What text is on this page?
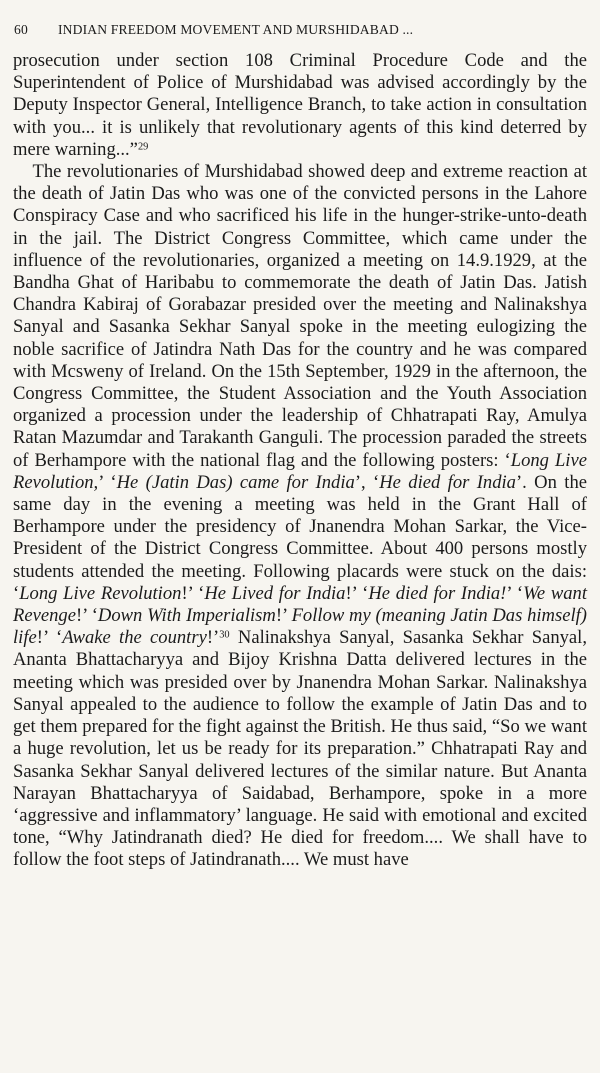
60	INDIAN FREEDOM MOVEMENT AND MURSHIDABAD ...

prosecution under section 108 Criminal Procedure Code and the Superintendent of Police of Murshidabad was advised accordingly by the Deputy Inspector General, Intelligence Branch, to take action in consultation with you... it is unlikely that revolutionary agents of this kind deterred by mere warning...”$^{29}$

The revolutionaries of Murshidabad showed deep and extreme reaction at the death of Jatin Das who was one of the convicted persons in the Lahore Conspiracy Case and who sacrificed his life in the hunger-strike-unto-death in the jail. The District Congress Committee, which came under the influence of the revolutionaries, organized a meeting on 14.9.1929, at the Bandha Ghat of Haribabu to commemorate the death of Jatin Das. Jatish Chandra Kabiraj of Gorabazar presided over the meeting and Nalinakshya Sanyal and Sasanka Sekhar Sanyal spoke in the meeting eulogizing the noble sacrifice of Jatindra Nath Das for the country and he was compared with Mcsweny of Ireland. On the 15th September, 1929 in the afternoon, the Congress Committee, the Student Association and the Youth Association organized a procession under the leadership of Chhatrapati Ray, Amulya Ratan Mazumdar and Tarakanth Ganguli. The procession paraded the streets of Berhampore with the national flag and the following posters: ‘Long Live Revolution,’ ‘He (Jatin Das) came for India’, ‘He died for India’. On the same day in the evening a meeting was held in the Grant Hall of Berhampore under the presidency of Jnanendra Mohan Sarkar, the Vice-President of the District Congress Committee. About 400 persons mostly students attended the meeting. Following placards were stuck on the dais: ‘Long Live Revolution!’ ‘He Lived for India!’ ‘He died for India!’ ‘We want Revenge!’ ‘Down With Imperialism!’ Follow my (meaning Jatin Das himself) life!’ ‘Awake the country!’$^{30}$ Nalinakshya Sanyal, Sasanka Sekhar Sanyal, Ananta Bhattacharyya and Bijoy Krishna Datta delivered lectures in the meeting which was presided over by Jnanendra Mohan Sarkar. Nalinakshya Sanyal appealed to the audience to follow the example of Jatin Das and to get them prepared for the fight against the British. He thus said, “So we want a huge revolution, let us be ready for its preparation.” Chhatrapati Ray and Sasanka Sekhar Sanyal delivered lectures of the similar nature. But Ananta Narayan Bhattacharyya of Saidabad, Berhampore, spoke in a more ‘aggressive and inflammatory’ language. He said with emotional and excited tone, “Why Jatindranath died? He died for freedom.... We shall have to follow the foot steps of Jatindranath.... We must have
